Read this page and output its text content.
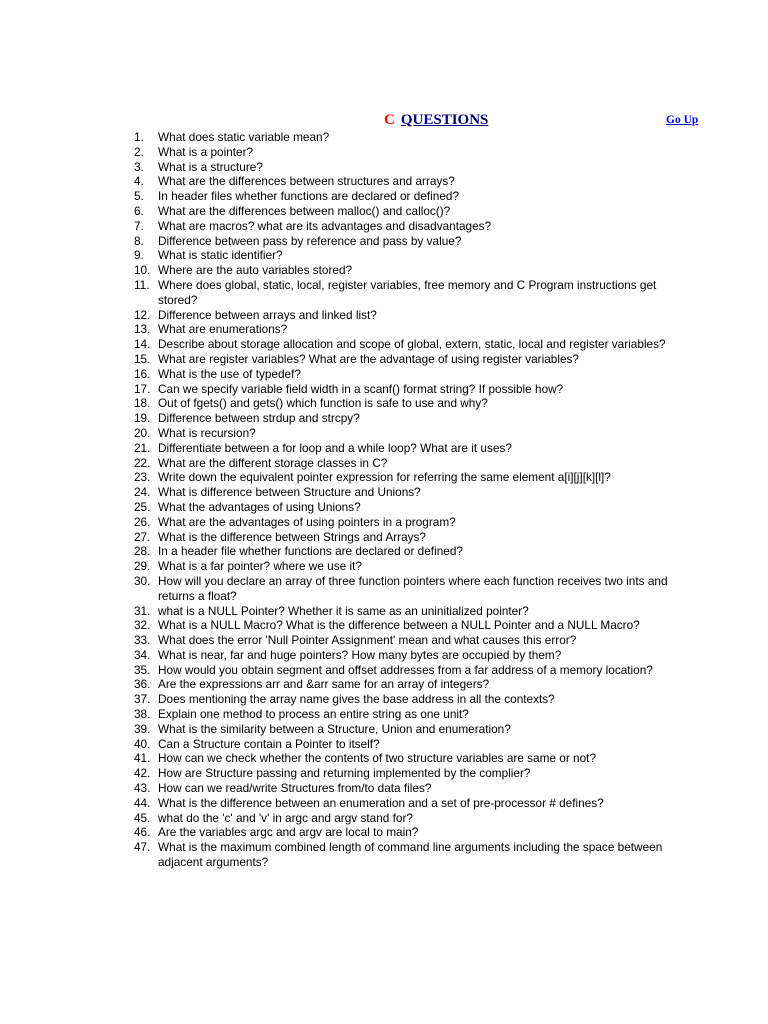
C QUESTIONS	Go Up
1.	What does static variable mean?
2.	What is a pointer?
3.	What is a structure?
4.	What are the differences between structures and arrays?
5.	In header files whether functions are declared or defined?
6.	What are the differences between malloc() and calloc()?
7.	What are macros? what are its advantages and disadvantages?
8.	Difference between pass by reference and pass by value?
9.	What is static identifier?
10. Where are the auto variables stored?
11. Where does global, static, local, register variables, free memory and C Program instructions get stored?
12. Difference between arrays and linked list?
13. What are enumerations?
14. Describe about storage allocation and scope of global, extern, static, local and register variables?
15. What are register variables? What are the advantage of using register variables?
16. What is the use of typedef?
17. Can we specify variable field width in a scanf() format string? If possible how?
18. Out of fgets() and gets() which function is safe to use and why?
19. Difference between strdup and strcpy?
20. What is recursion?
21. Differentiate between a for loop and a while loop? What are it uses?
22. What are the different storage classes in C?
23. Write down the equivalent pointer expression for referring the same element a[i][j][k][l]?
24. What is difference between Structure and Unions?
25. What the advantages of using Unions?
26. What are the advantages of using pointers in a program?
27. What is the difference between Strings and Arrays?
28. In a header file whether functions are declared or defined?
29. What is a far pointer? where we use it?
30. How will you declare an array of three function pointers where each function receives two ints and returns a float?
31. what is a NULL Pointer? Whether it is same as an uninitialized pointer?
32. What is a NULL Macro? What is the difference between a NULL Pointer and a NULL Macro?
33. What does the error 'Null Pointer Assignment' mean and what causes this error?
34. What is near, far and huge pointers? How many bytes are occupied by them?
35. How would you obtain segment and offset addresses from a far address of a memory location?
36. Are the expressions arr and &arr same for an array of integers?
37. Does mentioning the array name gives the base address in all the contexts?
38. Explain one method to process an entire string as one unit?
39. What is the similarity between a Structure, Union and enumeration?
40. Can a Structure contain a Pointer to itself?
41. How can we check whether the contents of two structure variables are same or not?
42. How are Structure passing and returning implemented by the complier?
43. How can we read/write Structures from/to data files?
44. What is the difference between an enumeration and a set of pre-processor # defines?
45. what do the 'c' and 'v' in argc and argv stand for?
46. Are the variables argc and argv are local to main?
47. What is the maximum combined length of command line arguments including the space between adjacent arguments?
